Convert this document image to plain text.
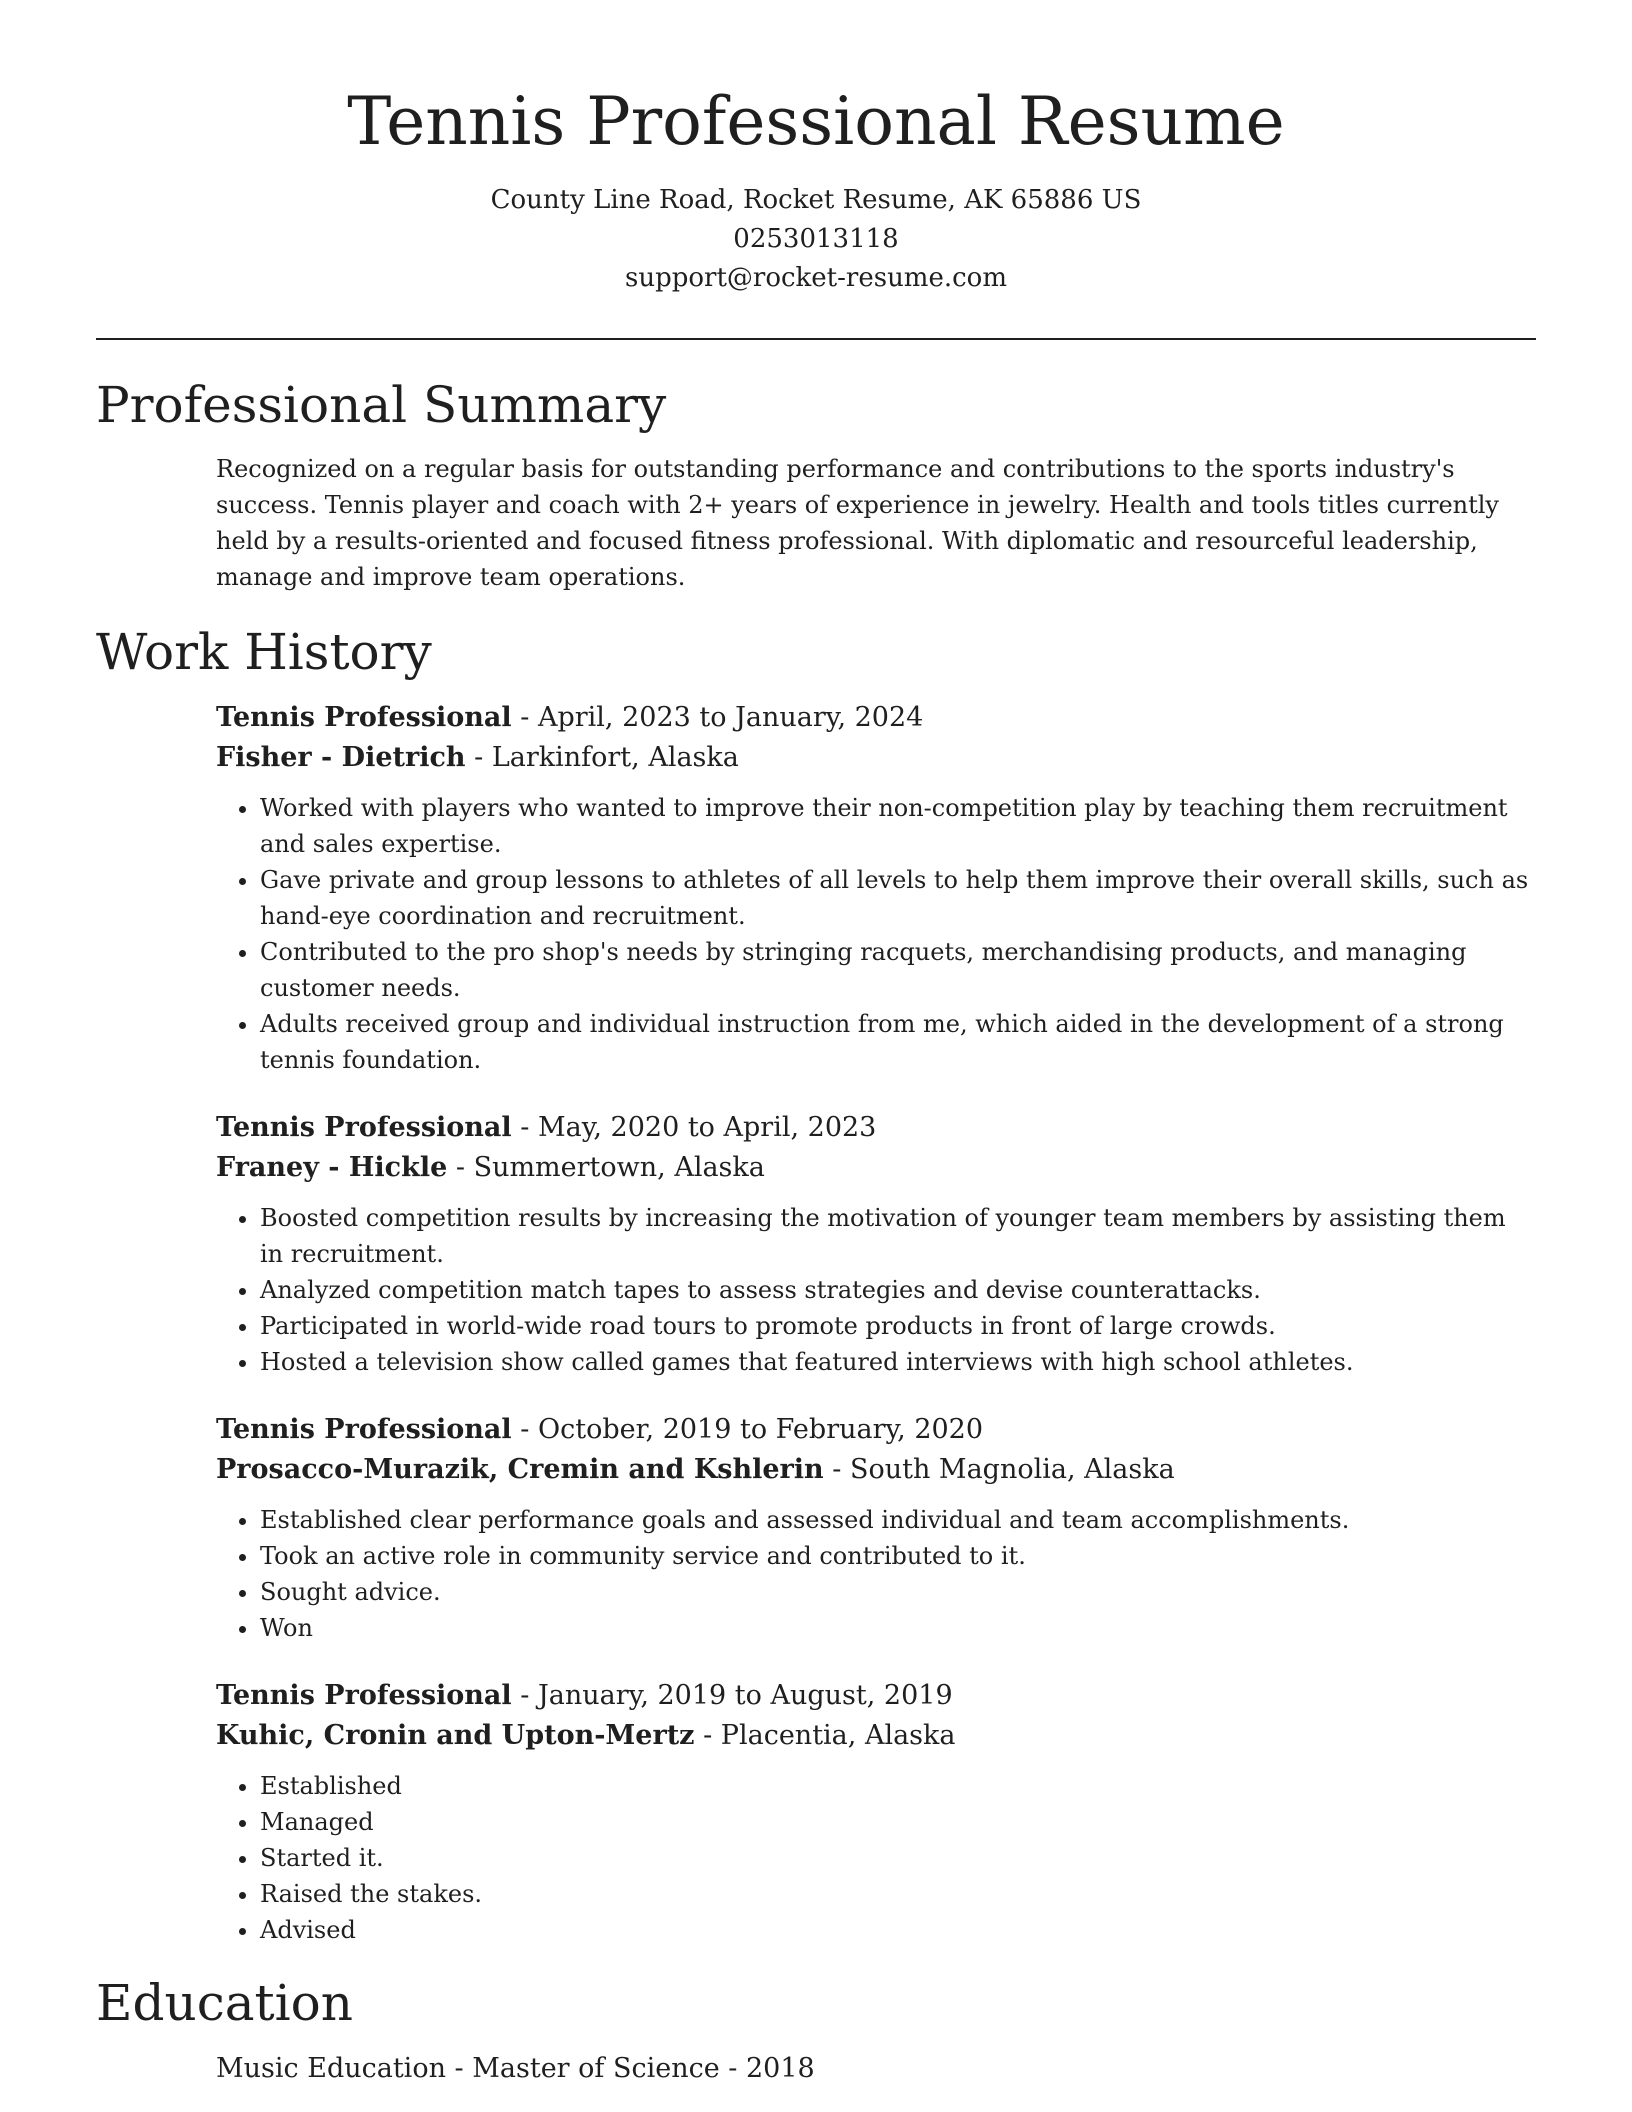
Tennis Professional Resume

County Line Road, Rocket Resume, AK 65886 US

0253013118

support@rocket-resume.com

Professional Summary

Recognized on a regular basis for outstanding performance and contributions to the sports industry's success. Tennis player and coach with 2+ years of experience in jewelry. Health and tools titles currently held by a results-oriented and focused fitness professional. With diplomatic and resourceful leadership, manage and improve team operations.

Work History

Tennis Professional - April, 2023 to January, 2024

Fisher - Dietrich - Larkinfort, Alaska

• Worked with players who wanted to improve their non-competition play by teaching them recruitment and sales expertise.
• Gave private and group lessons to athletes of all levels to help them improve their overall skills, such as hand-eye coordination and recruitment.
• Contributed to the pro shop's needs by stringing racquets, merchandising products, and managing customer needs.
• Adults received group and individual instruction from me, which aided in the development of a strong tennis foundation.

Tennis Professional - May, 2020 to April, 2023

Franey - Hickle - Summertown, Alaska

• Boosted competition results by increasing the motivation of younger team members by assisting them in recruitment.
• Analyzed competition match tapes to assess strategies and devise counterattacks.
• Participated in world-wide road tours to promote products in front of large crowds.
• Hosted a television show called games that featured interviews with high school athletes.

Tennis Professional - October, 2019 to February, 2020

Prosacco-Murazik, Cremin and Kshlerin - South Magnolia, Alaska

• Established clear performance goals and assessed individual and team accomplishments.
• Took an active role in community service and contributed to it.
• Sought advice.
• Won

Tennis Professional - January, 2019 to August, 2019

Kuhic, Cronin and Upton-Mertz - Placentia, Alaska

• Established
• Managed
• Started it.
• Raised the stakes.
• Advised
Education

Music Education - Master of Science - 2018
